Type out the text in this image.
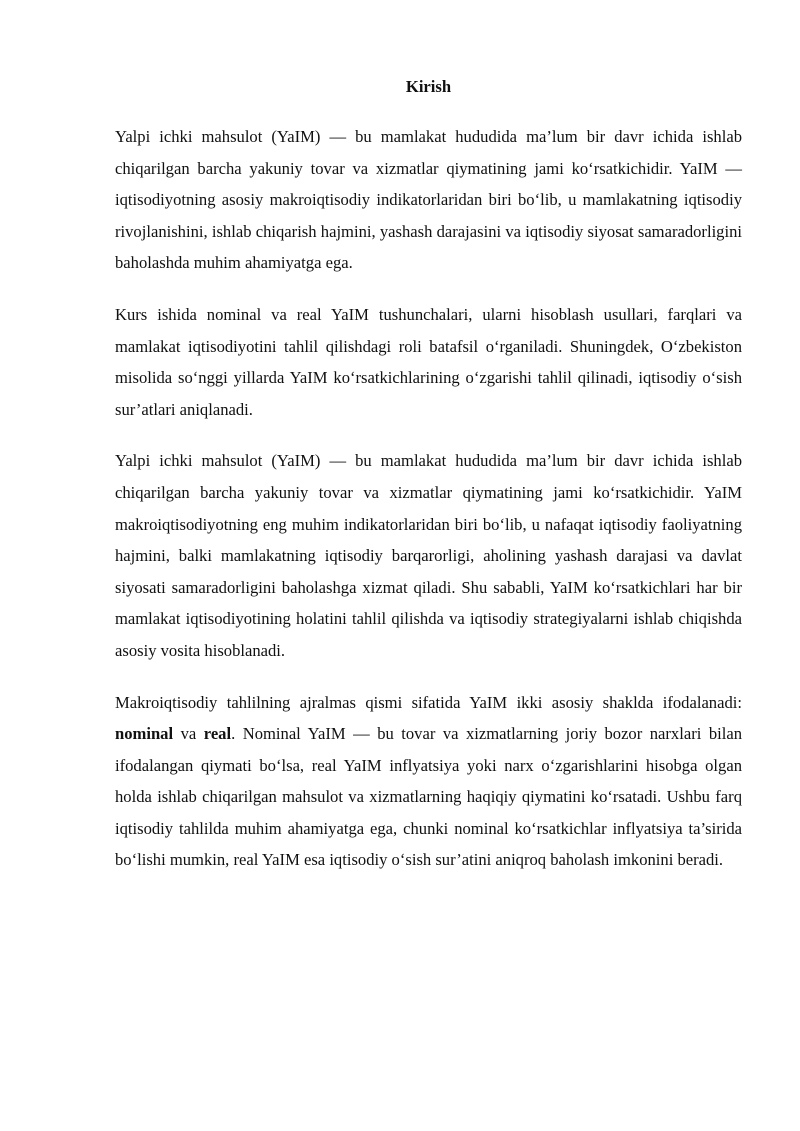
Kirish

Yalpi ichki mahsulot (YaIM) — bu mamlakat hududida ma’lum bir davr ichida ishlab chiqarilgan barcha yakuniy tovar va xizmatlar qiymatining jami ko‘rsatkichidir. YaIM — iqtisodiyotning asosiy makroiqtisodiy indikatorlaridan biri bo‘lib, u mamlakatning iqtisodiy rivojlanishini, ishlab chiqarish hajmini, yashash darajasini va iqtisodiy siyosat samaradorligini baholashda muhim ahamiyatga ega.

Kurs ishida nominal va real YaIM tushunchalari, ularni hisoblash usullari, farqlari va mamlakat iqtisodiyotini tahlil qilishdagi roli batafsil o‘rganiladi. Shuningdek, O‘zbekiston misolida so‘nggi yillarda YaIM ko‘rsatkichlarining o‘zgarishi tahlil qilinadi, iqtisodiy o‘sish sur’atlari aniqlanadi.

Yalpi ichki mahsulot (YaIM) — bu mamlakat hududida ma’lum bir davr ichida ishlab chiqarilgan barcha yakuniy tovar va xizmatlar qiymatining jami ko‘rsatkichidir. YaIM makroiqtisodiyotning eng muhim indikatorlaridan biri bo‘lib, u nafaqat iqtisodiy faoliyatning hajmini, balki mamlakatning iqtisodiy barqarorligi, aholining yashash darajasi va davlat siyosati samaradorligini baholashga xizmat qiladi. Shu sababli, YaIM ko‘rsatkichlari har bir mamlakat iqtisodiyotining holatini tahlil qilishda va iqtisodiy strategiyalarni ishlab chiqishda asosiy vosita hisoblanadi.

Makroiqtisodiy tahlilning ajralmas qismi sifatida YaIM ikki asosiy shaklda ifodalanadi: nominal va real. Nominal YaIM — bu tovar va xizmatlarning joriy bozor narxlari bilan ifodalangan qiymati bo‘lsa, real YaIM inflyatsiya yoki narx o‘zgarishlarini hisobga olgan holda ishlab chiqarilgan mahsulot va xizmatlarning haqiqiy qiymatini ko‘rsatadi. Ushbu farq iqtisodiy tahlilda muhim ahamiyatga ega, chunki nominal ko‘rsatkichlar inflyatsiya ta’sirida bo‘lishi mumkin, real YaIM esa iqtisodiy o‘sish sur’atini aniqroq baholash imkonini beradi.
